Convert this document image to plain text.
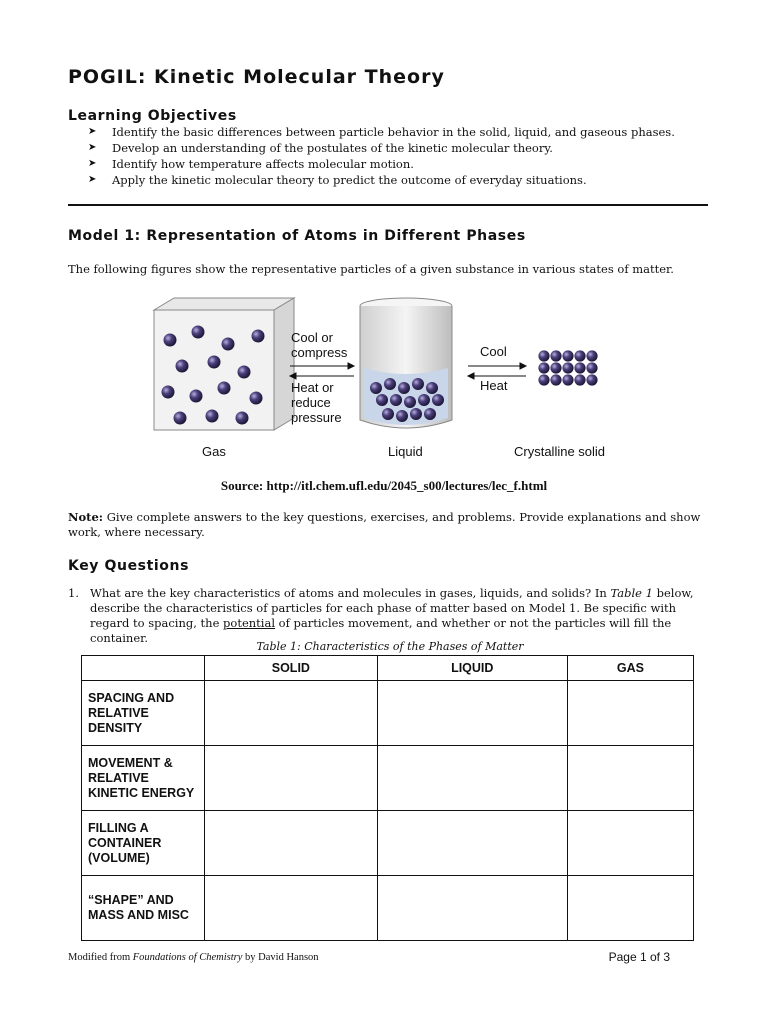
POGIL: Kinetic Molecular Theory
Learning Objectives
➤ Identify the basic differences between particle behavior in the solid, liquid, and gaseous phases.
➤ Develop an understanding of the postulates of the kinetic molecular theory.
➤ Identify how temperature affects molecular motion.
➤ Apply the kinetic molecular theory to predict the outcome of everyday situations.
Model 1: Representation of Atoms in Different Phases
The following figures show the representative particles of a given substance in various states of matter.
Cool or
compress
Heat or
reduce
pressure
Cool
Heat
Gas	Liquid	Crystalline solid
Source: http://itl.chem.ufl.edu/2045_s00/lectures/lec_f.html
Note: Give complete answers to the key questions, exercises, and problems. Provide explanations and show work, where necessary.
Key Questions
1. What are the key characteristics of atoms and molecules in gases, liquids, and solids? In Table 1 below, describe the characteristics of particles for each phase of matter based on Model 1. Be specific with regard to spacing, the potential of particles movement, and whether or not the particles will fill the container.
Table 1: Characteristics of the Phases of Matter
	SOLID	LIQUID	GAS
SPACING AND RELATIVE DENSITY			
MOVEMENT & RELATIVE KINETIC ENERGY			
FILLING A CONTAINER (VOLUME)			
“SHAPE” AND MASS AND MISC			
Modified from Foundations of Chemistry by David Hanson	Page 1 of 3
